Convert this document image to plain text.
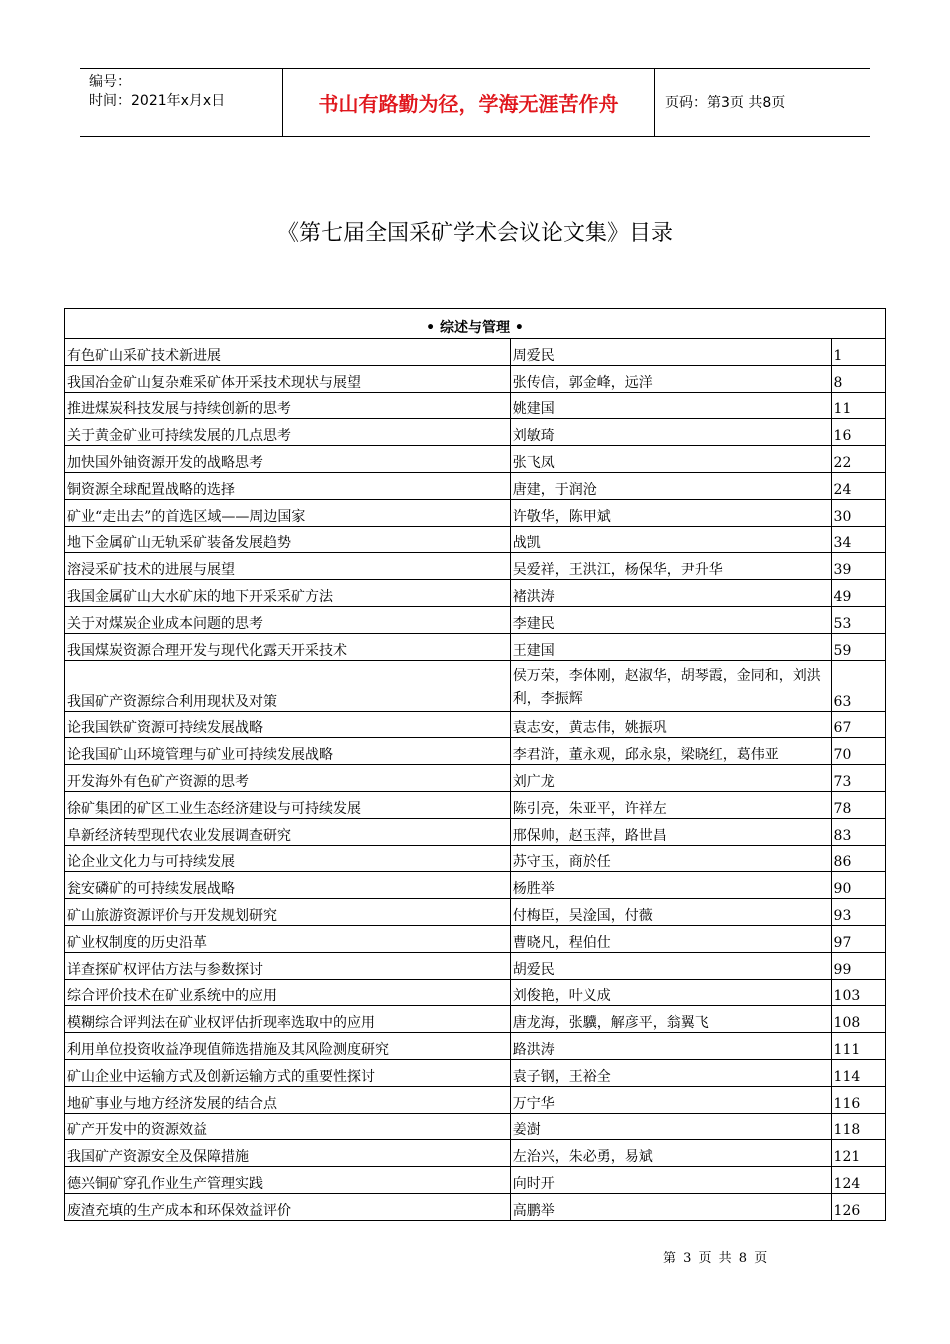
编号：
时间：2021年x月x日	书山有路勤为径，学海无涯苦作舟	页码：第3页 共8页
《第七届全国采矿学术会议论文集》目录
• 综述与管理 •		
有色矿山采矿技术新进展	周爱民	1
我国冶金矿山复杂难采矿体开采技术现状与展望	张传信，郭金峰，远洋	8
推进煤炭科技发展与持续创新的思考	姚建国	11
关于黄金矿业可持续发展的几点思考	刘敏琦	16
加快国外铀资源开发的战略思考	张飞凤	22
铜资源全球配置战略的选择	唐建，于润沧	24
矿业“走出去”的首选区域——周边国家	许敬华，陈甲斌	30
地下金属矿山无轨采矿装备发展趋势	战凯	34
溶浸采矿技术的进展与展望	吴爱祥，王洪江，杨保华，尹升华	39
我国金属矿山大水矿床的地下开采采矿方法	褚洪涛	49
关于对煤炭企业成本问题的思考	李建民	53
我国煤炭资源合理开发与现代化露天开采技术	王建国	59
我国矿产资源综合利用现状及对策	侯万荣，李体刚，赵淑华，胡琴霞，金同和，刘洪利，李振辉	63
论我国铁矿资源可持续发展战略	袁志安，黄志伟，姚振巩	67
论我国矿山环境管理与矿业可持续发展战略	李君浒，董永观，邱永泉，梁晓红，葛伟亚	70
开发海外有色矿产资源的思考	刘广龙	73
徐矿集团的矿区工业生态经济建设与可持续发展	陈引亮，朱亚平，许祥左	78
阜新经济转型现代农业发展调查研究	邢保帅，赵玉萍，路世昌	83
论企业文化力与可持续发展	苏守玉，商於任	86
瓮安磷矿的可持续发展战略	杨胜举	90
矿山旅游资源评价与开发规划研究	付梅臣，吴淦国，付薇	93
矿业权制度的历史沿革	曹晓凡，程伯仕	97
详查探矿权评估方法与参数探讨	胡爱民	99
综合评价技术在矿业系统中的应用	刘俊艳，叶义成	103
模糊综合评判法在矿业权评估折现率选取中的应用	唐龙海，张驥，解彦平，翁翼飞	108
利用单位投资收益净现值筛选措施及其风险测度研究	路洪涛	111
矿山企业中运输方式及创新运输方式的重要性探讨	袁子钢，王裕全	114
地矿事业与地方经济发展的结合点	万宁华	116
矿产开发中的资源效益	姜澍	118
我国矿产资源安全及保障措施	左治兴，朱必勇，易斌	121
德兴铜矿穿孔作业生产管理实践	向时开	124
废渣充填的生产成本和环保效益评价	高鹏举	126
第 3 页 共 8 页
